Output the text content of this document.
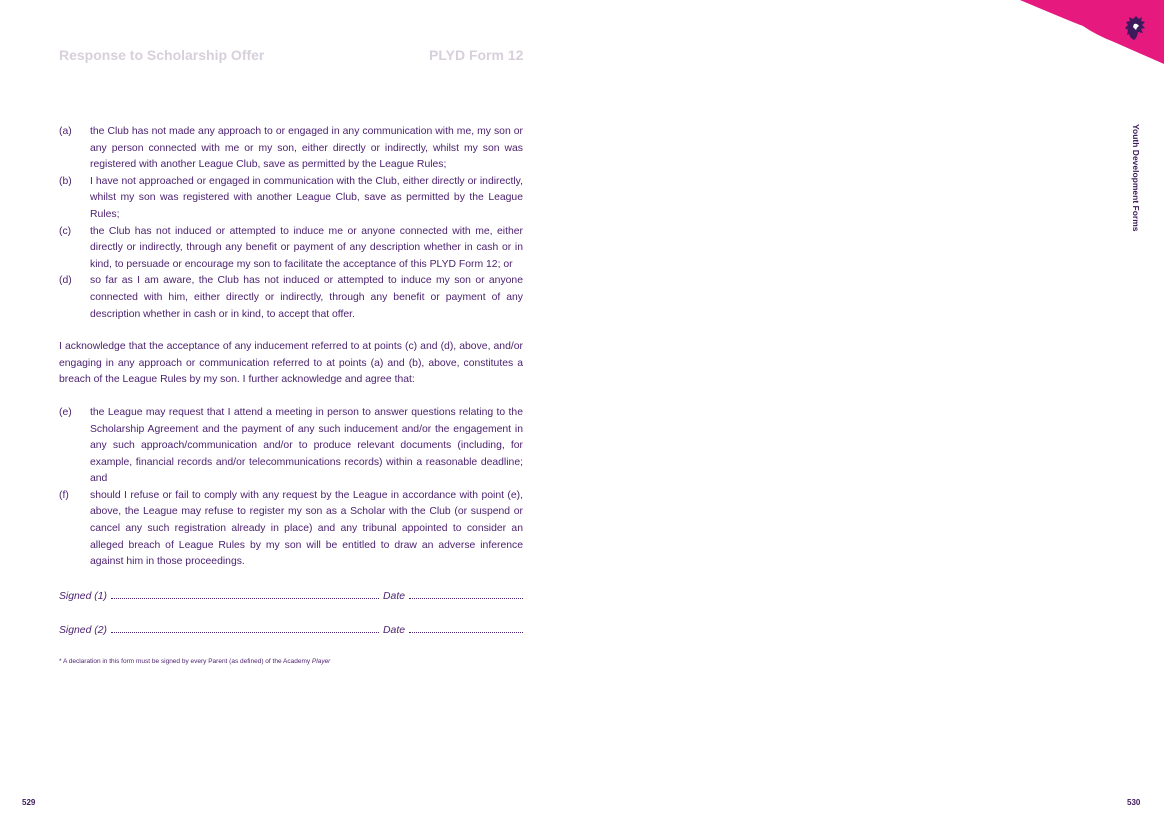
Response to Scholarship Offer	PLYD Form 12
(a)	the Club has not made any approach to or engaged in any communication with me, my son or any person connected with me or my son, either directly or indirectly, whilst my son was registered with another League Club, save as permitted by the League Rules;
(b)	I have not approached or engaged in communication with the Club, either directly or indirectly, whilst my son was registered with another League Club, save as permitted by the League Rules;
(c)	the Club has not induced or attempted to induce me or anyone connected with me, either directly or indirectly, through any benefit or payment of any description whether in cash or in kind, to persuade or encourage my son to facilitate the acceptance of this PLYD Form 12; or
(d)	so far as I am aware, the Club has not induced or attempted to induce my son or anyone connected with him, either directly or indirectly, through any benefit or payment of any description whether in cash or in kind, to accept that offer.

I acknowledge that the acceptance of any inducement referred to at points (c) and (d), above, and/or engaging in any approach or communication referred to at points (a) and (b), above, constitutes a breach of the League Rules by my son. I further acknowledge and agree that:

(e)	the League may request that I attend a meeting in person to answer questions relating to the Scholarship Agreement and the payment of any such inducement and/or the engagement in any such approach/communication and/or to produce relevant documents (including, for example, financial records and/or telecommunications records) within a reasonable deadline; and
(f)	should I refuse or fail to comply with any request by the League in accordance with point (e), above, the League may refuse to register my son as a Scholar with the Club (or suspend or cancel any such registration already in place) and any tribunal appointed to consider an alleged breach of League Rules by my son will be entitled to draw an adverse inference against him in those proceedings.
Signed (1)	Date
Signed (2)	Date
* A declaration in this form must be signed by every Parent (as defined) of the Academy Player
Youth Development Forms
529	530
